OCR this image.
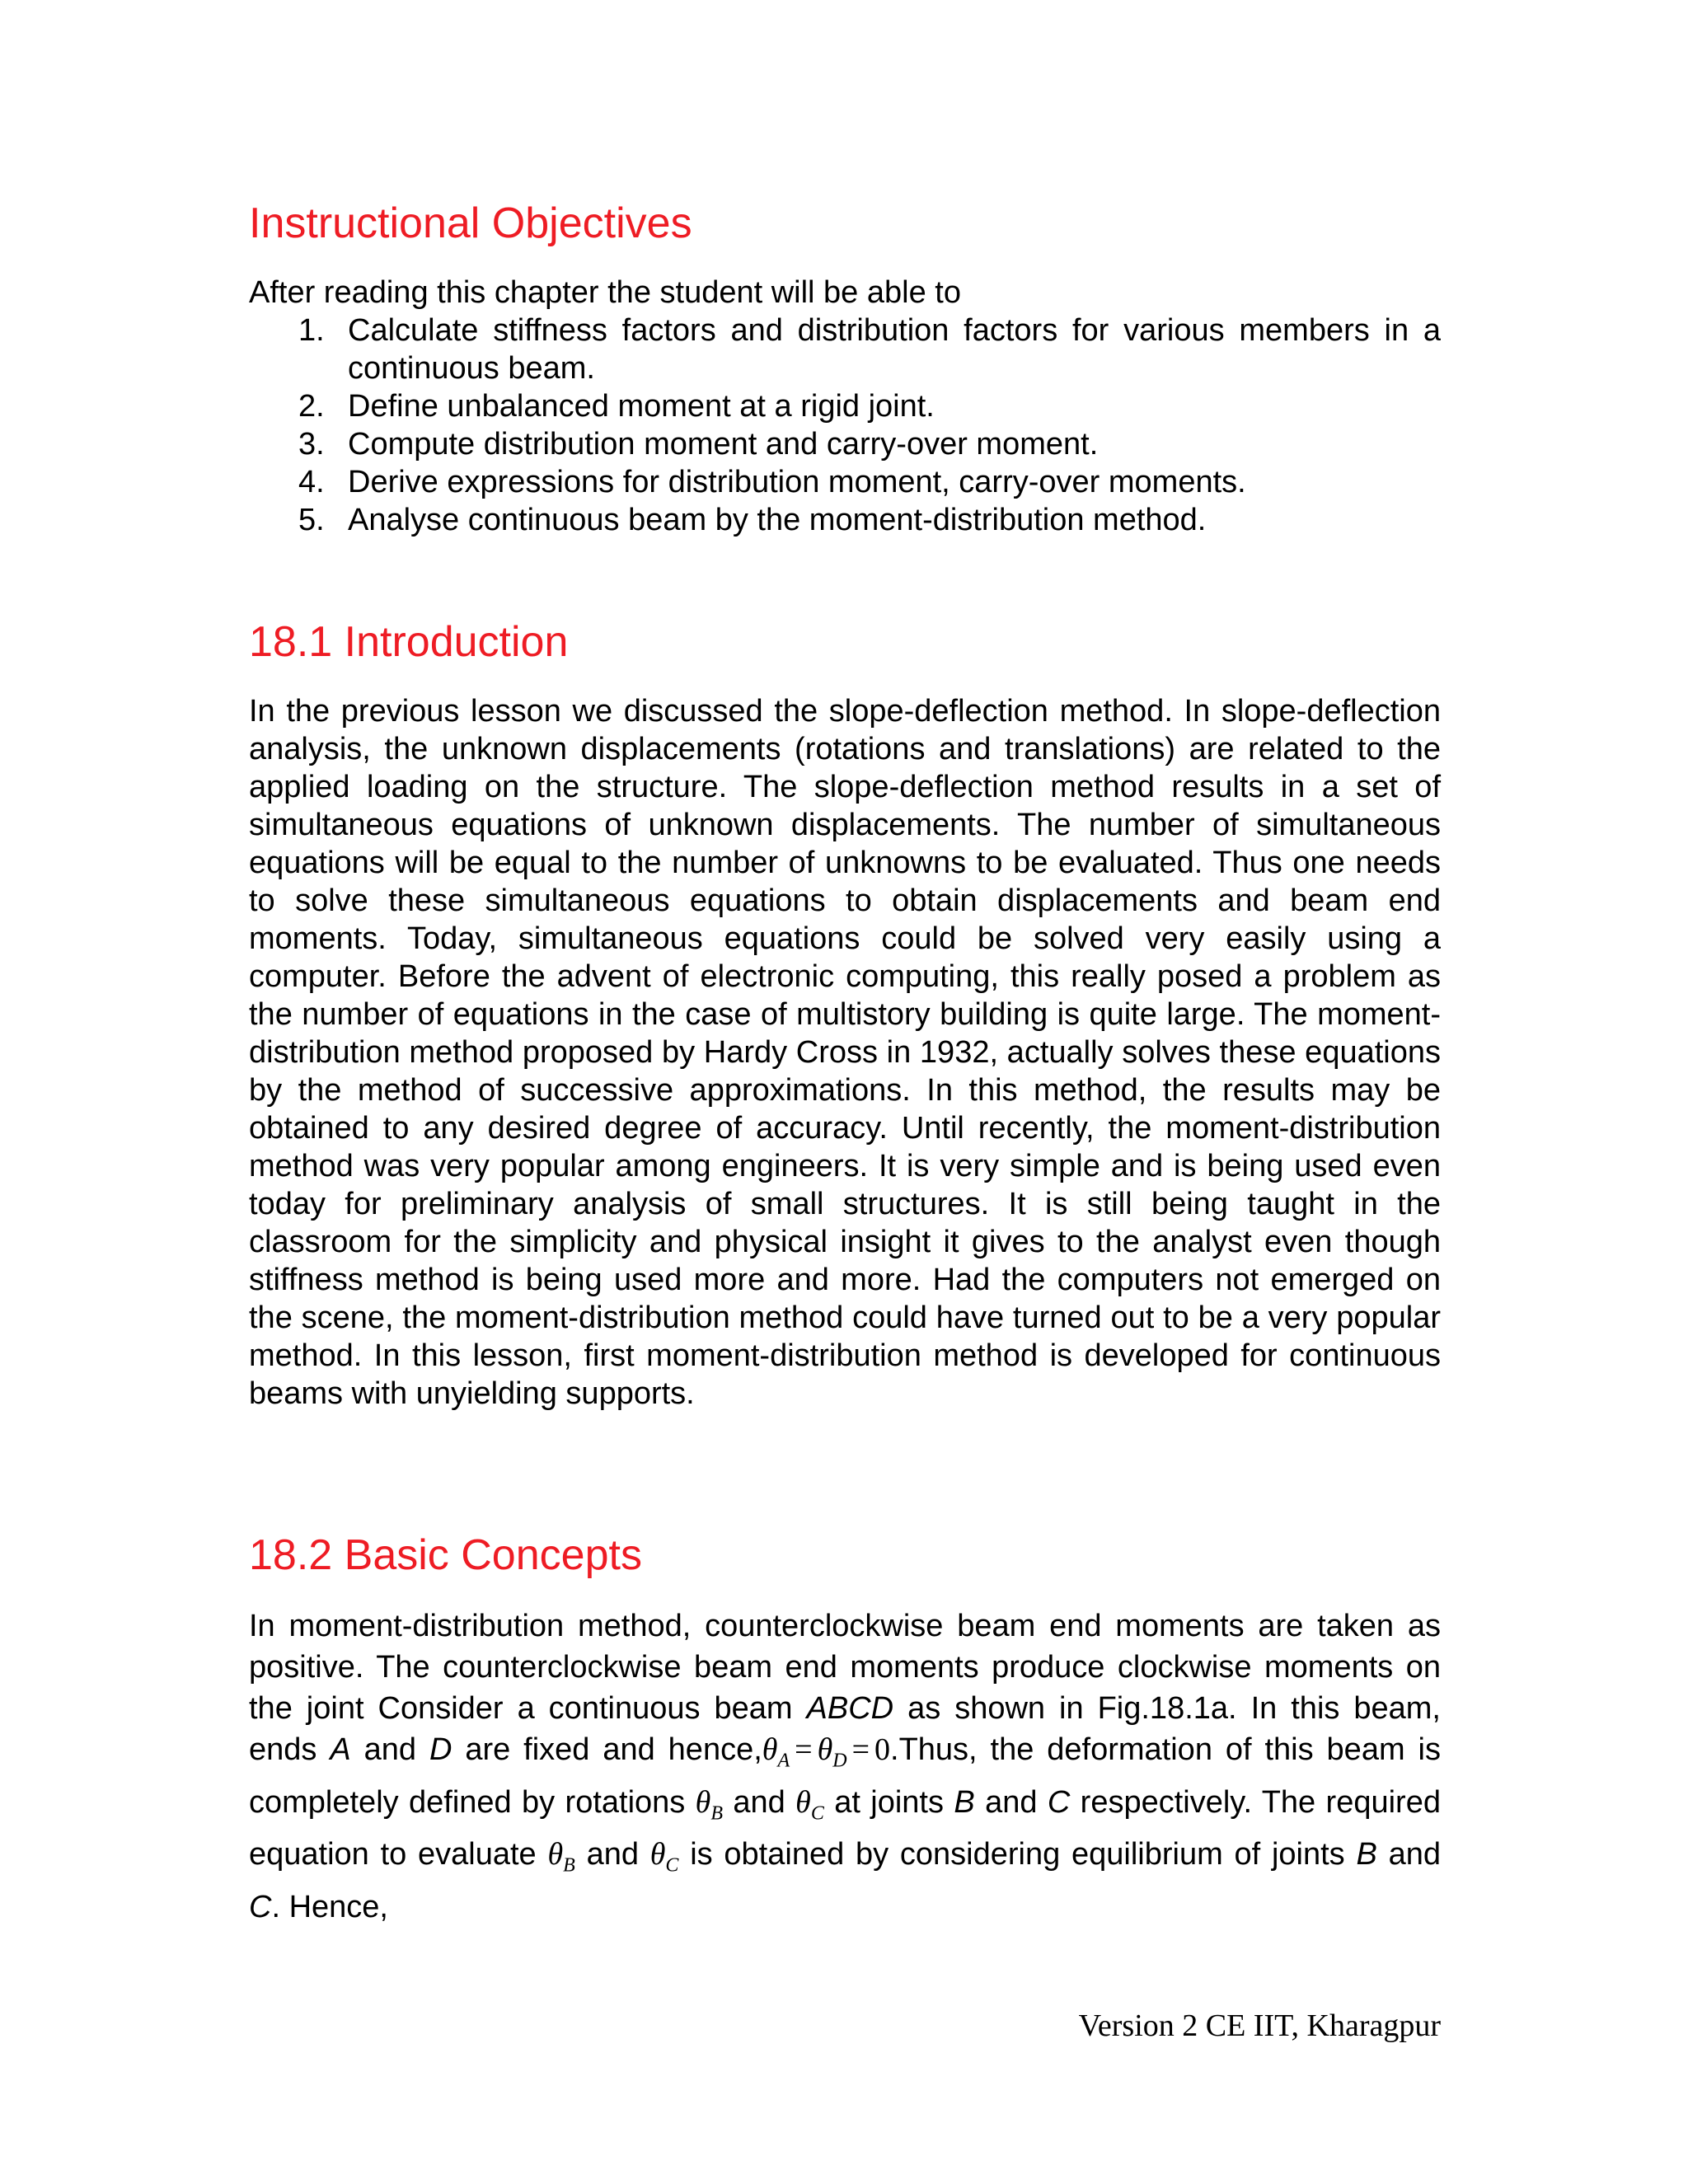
Instructional Objectives

After reading this chapter the student will be able to

1. Calculate stiffness factors and distribution factors for various members in a continuous beam.
2. Define unbalanced moment at a rigid joint.
3. Compute distribution moment and carry-over moment.
4. Derive expressions for distribution moment, carry-over moments.
5. Analyse continuous beam by the moment-distribution method.
18.1 Introduction

In the previous lesson we discussed the slope-deflection method. In slope-deflection analysis, the unknown displacements (rotations and translations) are related to the applied loading on the structure. The slope-deflection method results in a set of simultaneous equations of unknown displacements. The number of simultaneous equations will be equal to the number of unknowns to be evaluated. Thus one needs to solve these simultaneous equations to obtain displacements and beam end moments. Today, simultaneous equations could be solved very easily using a computer. Before the advent of electronic computing, this really posed a problem as the number of equations in the case of multistory building is quite large. The moment-distribution method proposed by Hardy Cross in 1932, actually solves these equations by the method of successive approximations. In this method, the results may be obtained to any desired degree of accuracy. Until recently, the moment-distribution method was very popular among engineers. It is very simple and is being used even today for preliminary analysis of small structures. It is still being taught in the classroom for the simplicity and physical insight it gives to the analyst even though stiffness method is being used more and more. Had the computers not emerged on the scene, the moment-distribution method could have turned out to be a very popular method. In this lesson, first moment-distribution method is developed for continuous beams with unyielding supports.

18.2 Basic Concepts

In moment-distribution method, counterclockwise beam end moments are taken as positive. The counterclockwise beam end moments produce clockwise moments on the joint Consider a continuous beam ABCD as shown in Fig.18.1a. In this beam, ends A and D are fixed and $hence,\theta_A = \theta_D$ = 0.Thus, the deformation of this beam is completely defined by rotations $\theta_B$ and $\theta_C$ at joints B and C respectively. The required equation to evaluate $\theta_B$ and $\theta_C$ is obtained by considering equilibrium of joints B and C. Hence,

Version 2 CE IIT, Kharagpur
